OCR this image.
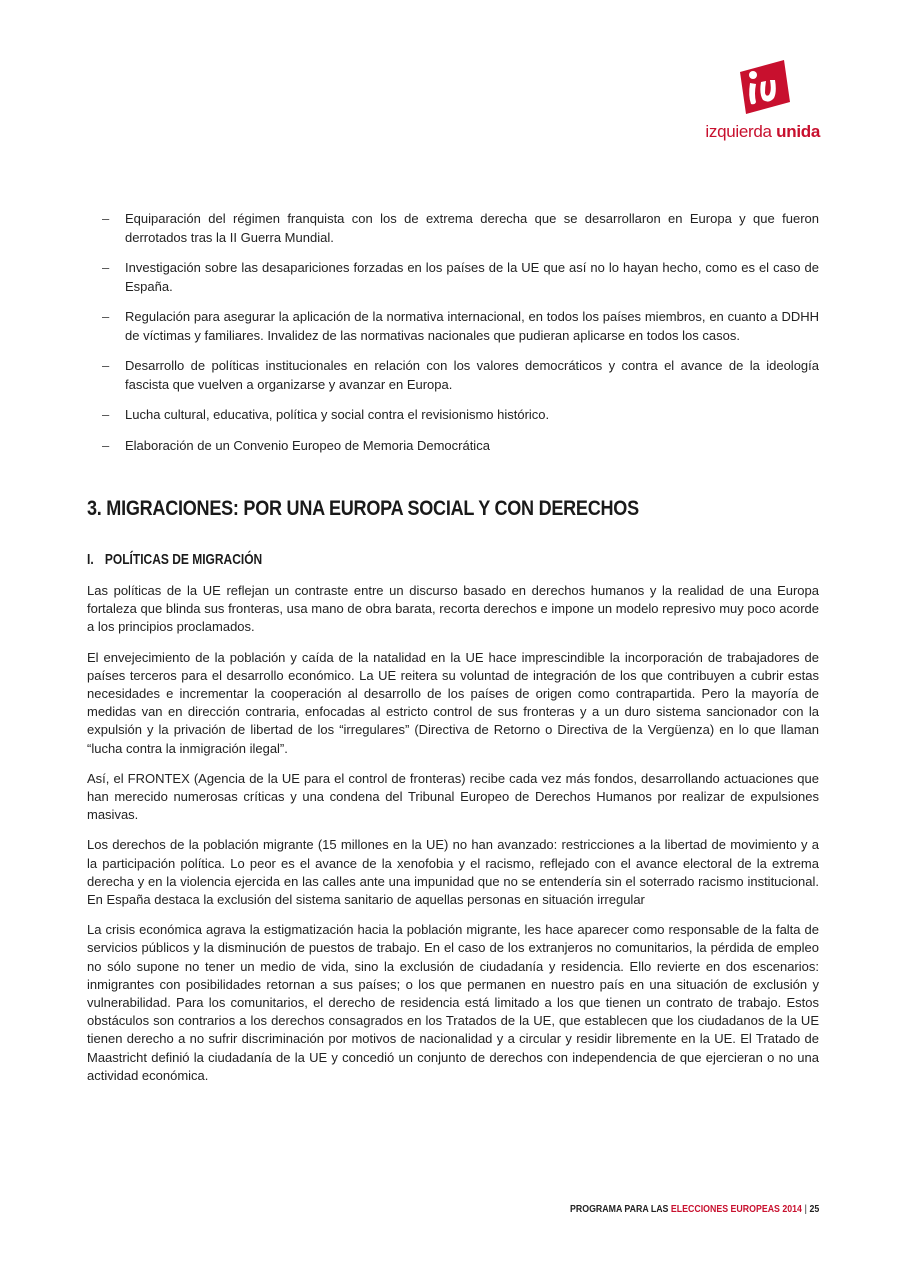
izquierda unida
– Equiparación del régimen franquista con los de extrema derecha que se desarrollaron en Europa y que fueron derrotados tras la II Guerra Mundial.
– Investigación sobre las desapariciones forzadas en los países de la UE que así no lo hayan hecho, como es el caso de España.
– Regulación para asegurar la aplicación de la normativa internacional, en todos los países miembros, en cuanto a DDHH de víctimas y familiares. Invalidez de las normativas nacionales que pudieran aplicarse en todos los casos.
– Desarrollo de políticas institucionales en relación con los valores democráticos y contra el avance de la ideología fascista que vuelven a organizarse y avanzar en Europa.
– Lucha cultural, educativa, política y social contra el revisionismo histórico.
– Elaboración de un Convenio Europeo de Memoria Democrática
3. MIGRACIONES: POR UNA EUROPA SOCIAL Y CON DERECHOS
I. POLÍTICAS DE MIGRACIÓN

Las políticas de la UE reflejan un contraste entre un discurso basado en derechos humanos y la realidad de una Europa fortaleza que blinda sus fronteras, usa mano de obra barata, recorta derechos e impone un modelo represivo muy poco acorde a los principios proclamados.

El envejecimiento de la población y caída de la natalidad en la UE hace imprescindible la incorporación de trabajadores de países terceros para el desarrollo económico. La UE reitera su voluntad de integración de los que contribuyen a cubrir estas necesidades e incrementar la cooperación al desarrollo de los países de origen como contrapartida. Pero la mayoría de medidas van en dirección contraria, enfocadas al estricto control de sus fronteras y a un duro sistema sancionador con la expulsión y la privación de libertad de los “irregulares” (Directiva de Retorno o Directiva de la Vergüenza) en lo que llaman “lucha contra la inmigración ilegal”.

Así, el FRONTEX (Agencia de la UE para el control de fronteras) recibe cada vez más fondos, desarrollando actuaciones que han merecido numerosas críticas y una condena del Tribunal Europeo de Derechos Humanos por realizar de expulsiones masivas.

Los derechos de la población migrante (15 millones en la UE) no han avanzado: restricciones a la libertad de movimiento y a la participación política. Lo peor es el avance de la xenofobia y el racismo, reflejado con el avance electoral de la extrema derecha y en la violencia ejercida en las calles ante una impunidad que no se entendería sin el soterrado racismo institucional. En España destaca la exclusión del sistema sanitario de aquellas personas en situación irregular

La crisis económica agrava la estigmatización hacia la población migrante, les hace aparecer como responsable de la falta de servicios públicos y la disminución de puestos de trabajo. En el caso de los extranjeros no comunitarios, la pérdida de empleo no sólo supone no tener un medio de vida, sino la exclusión de ciudadanía y residencia. Ello revierte en dos escenarios: inmigrantes con posibilidades retornan a sus países; o los que permanen en nuestro país en una situación de exclusión y vulnerabilidad. Para los comunitarios, el derecho de residencia está limitado a los que tienen un contrato de trabajo. Estos obstáculos son contrarios a los derechos consagrados en los Tratados de la UE, que establecen que los ciudadanos de la UE tienen derecho a no sufrir discriminación por motivos de nacionalidad y a circular y residir libremente en la UE. El Tratado de Maastricht definió la ciudadanía de la UE y concedió un conjunto de derechos con independencia de que ejercieran o no una actividad económica.

PROGRAMA PARA LAS ELECCIONES EUROPEAS 2014 | 25
